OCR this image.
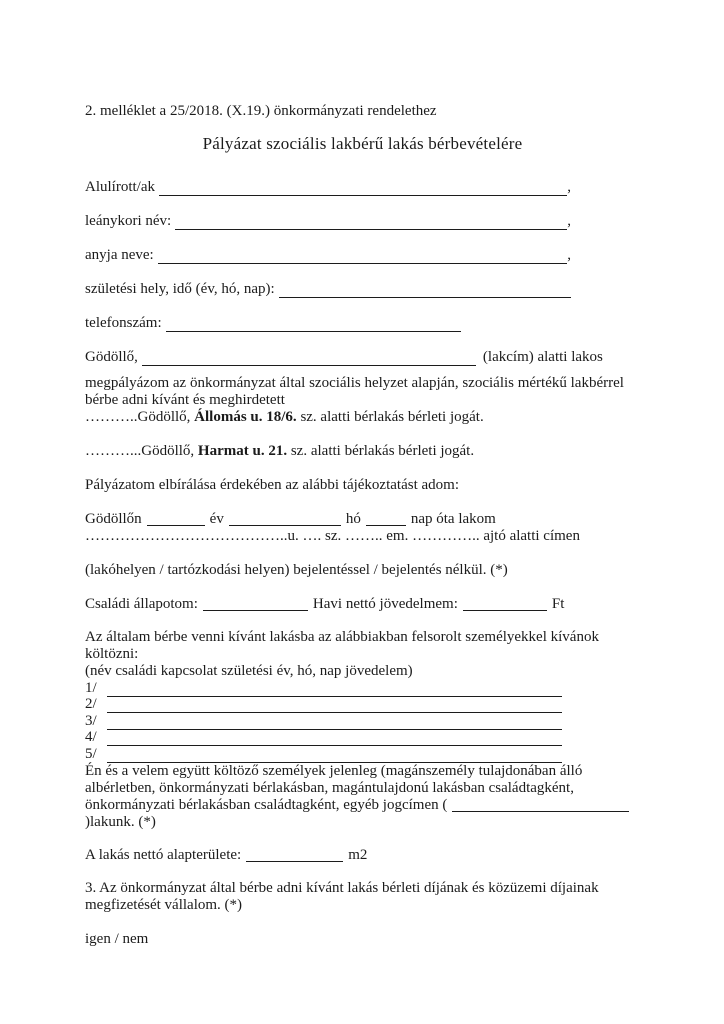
2. melléklet a 25/2018. (X.19.) önkormányzati rendelethez

Pályázat szociális lakbérű lakás bérbevételére
Alulírott/ak	,
leánykori név:	,
anyja neve:	,
születési hely, idő (év, hó, nap):
telefonszám:
Gödöllő,	(lakcím) alatti lakos

megpályázom az önkormányzat által szociális helyzet alapján, szociális mértékű lakbérrel bérbe adni kívánt és meghirdetett

………..Gödöllő, Állomás u. 18/6. sz. alatti bérlakás bérleti jogát.

………...Gödöllő, Harmat u. 21. sz. alatti bérlakás bérleti jogát.

Pályázatom elbírálása érdekében az alábbi tájékoztatást adom:

Gödöllőn	év	hó	nap óta lakom

…………………………………..u. …. sz. …….. em. ………….. ajtó alatti címen

(lakóhelyen / tartózkodási helyen) bejelentéssel / bejelentés nélkül. (*)

Családi állapotom:	Havi nettó jövedelmem:	Ft

Az általam bérbe venni kívánt lakásba az alábbiakban felsorolt személyekkel kívánok költözni:

(név családi kapcsolat születési év, hó, nap jövedelem)

1/
2/
3/
4/
5/

Én és a velem együtt költöző személyek jelenleg (magánszemély tulajdonában álló albérletben, önkormányzati bérlakásban, magántulajdonú lakásban családtagként, önkormányzati bérlakásban családtagként, egyéb jogcímen ()lakunk. (*)

A lakás nettó alapterülete:	m2

3. Az önkormányzat által bérbe adni kívánt lakás bérleti díjának és közüzemi díjainak megfizetését vállalom. (*)

igen / nem
